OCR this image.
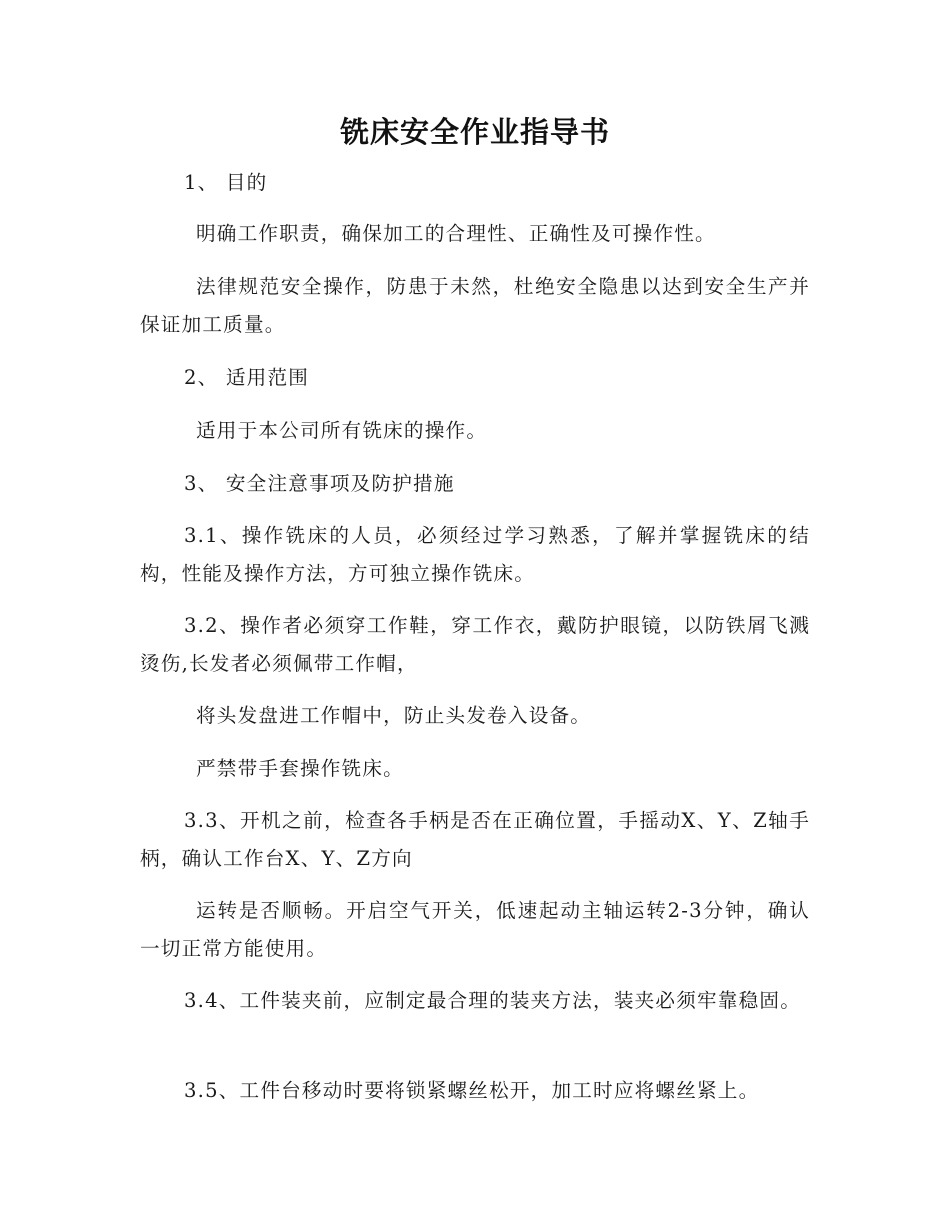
铣床安全作业指导书

1、 目的

明确工作职责，确保加工的合理性、正确性及可操作性。

法律规范安全操作，防患于未然，杜绝安全隐患以达到安全生产并保证加工质量。

2、 适用范围

适用于本公司所有铣床的操作。

3、 安全注意事项及防护措施

3.1、操作铣床的人员，必须经过学习熟悉，了解并掌握铣床的结构，性能及操作方法，方可独立操作铣床。

3.2、操作者必须穿工作鞋，穿工作衣，戴防护眼镜，以防铁屑飞溅烫伤,长发者必须佩带工作帽，

将头发盘进工作帽中，防止头发卷入设备。

严禁带手套操作铣床。

3.3、开机之前，检查各手柄是否在正确位置，手摇动X、Y、Z轴手柄，确认工作台X、Y、Z方向

运转是否顺畅。开启空气开关，低速起动主轴运转2-3分钟，确认一切正常方能使用。

3.4、工件装夹前，应制定最合理的装夹方法，装夹必须牢靠稳固。

3.5、工件台移动时要将锁紧螺丝松开，加工时应将螺丝紧上。
